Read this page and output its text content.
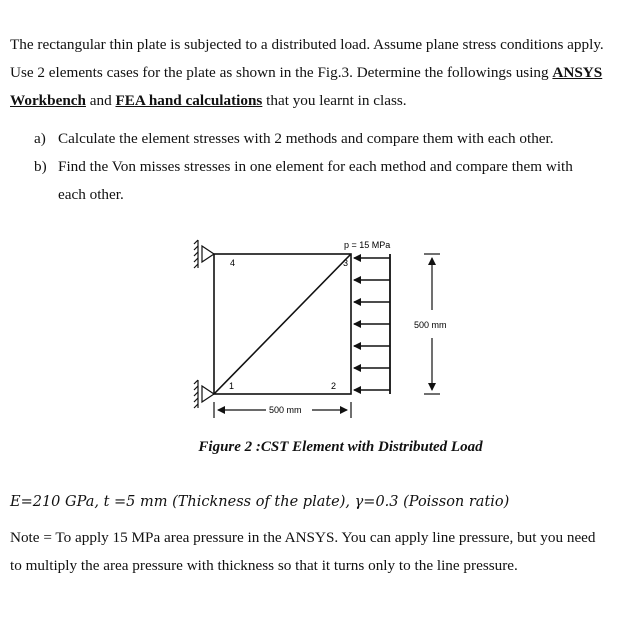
The rectangular thin plate is subjected to a distributed load. Assume plane stress conditions apply. Use 2 elements cases for the plate as shown in the Fig.3. Determine the followings using ANSYS Workbench and FEA hand calculations that you learnt in class.
a) Calculate the element stresses with 2 methods and compare them with each other.
b) Find the Von misses stresses in one element for each method and compare them with
each other.
4	3
1	2
p = 15 MPa
500 mm
500 mm
Figure 2 :CST Element with Distributed Load
E=210 GPa, t =5 mm (Thickness of the plate), γ=0.3 (Poisson ratio)
Note = To apply 15 MPa area pressure in the ANSYS. You can apply line pressure, but you need to multiply the area pressure with thickness so that it turns only to the line pressure.
